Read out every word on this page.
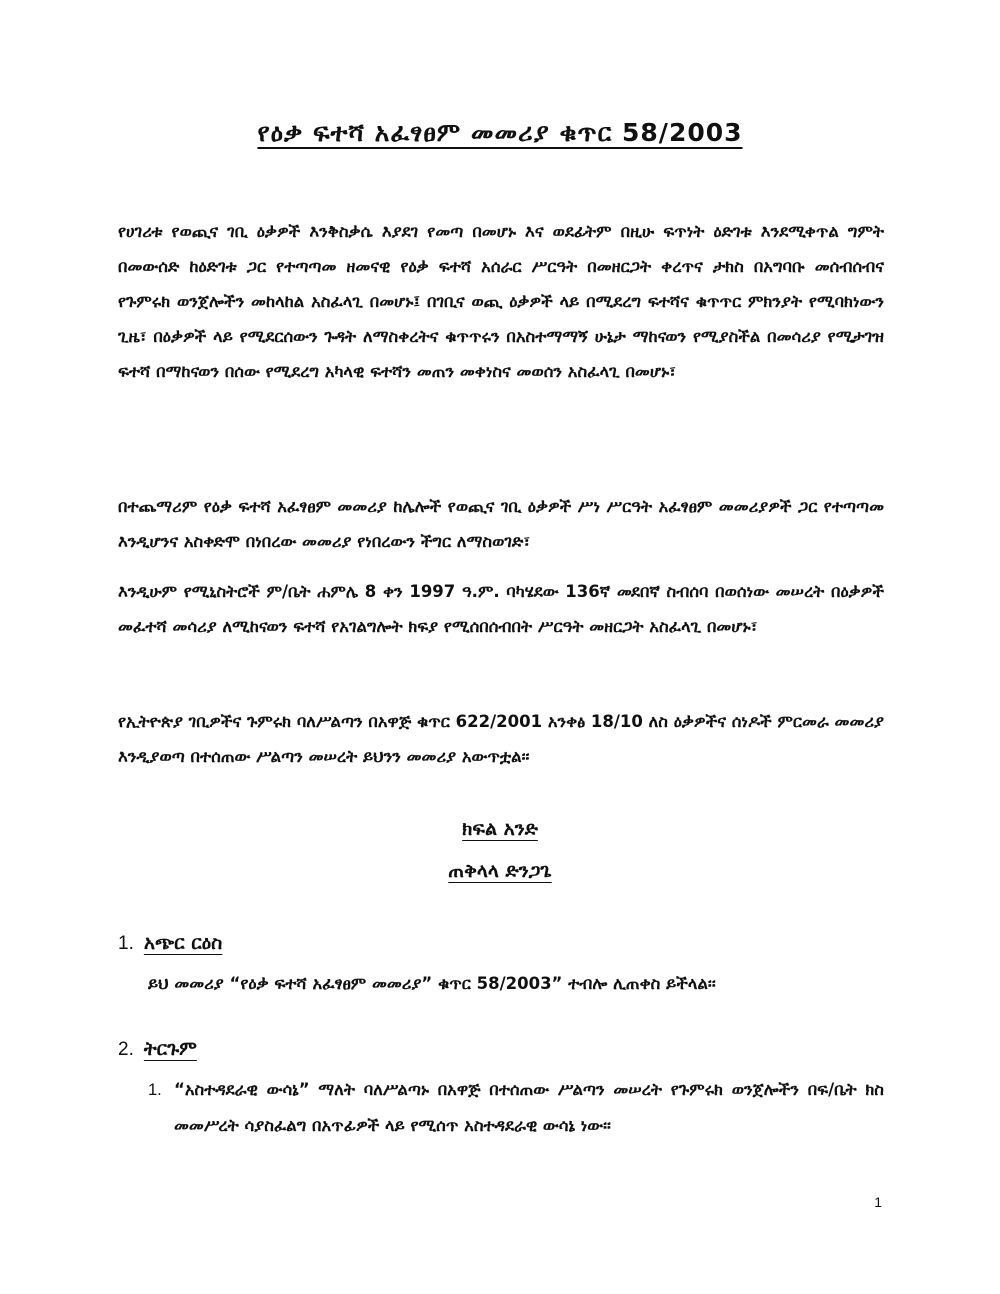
የዕቃ ፍተሻ አፈፃፀም መመሪያ ቁጥር 58/2003
የሀገሪቱ የወጪና ገቢ ዕቃዎች እንቅስቃሴ እያደገ የመጣ በመሆኑ እና ወደፊትም በዚሁ ፍጥነት ዕድገቱ እንደሚቀጥል ግምት በመውሰድ ከዕድገቱ ጋር የተጣጣመ ዘመናዊ የዕቃ ፍተሻ አሰራር ሥርዓት በመዘርጋት ቀረጥና ታክስ በአግባቡ መሰብሰብና የጉምሩክ ወንጀሎችን መከላከል አስፈላጊ በመሆኑ፤ በገቢና ወጪ ዕቃዎች ላይ በሚደረግ ፍተሻና ቁጥጥር ምክንያት የሚባክነውን ጊዜ፣ በዕቃዎች ላይ የሚደርሰውን ጉዳት ለማስቀረትና ቁጥጥሩን በአስተማማኝ ሁኔታ ማከናወን የሚያስችል በመሳሪያ የሚታገዝ ፍተሻ በማከናወን በሰው የሚደረግ አካላዊ ፍተሻን መጠን መቀነስና መወሰን አስፈላጊ በመሆኑ፣
በተጨማሪም የዕቃ ፍተሻ አፈፃፀም መመሪያ ከሌሎች የወጪና ገቢ ዕቃዎች ሥነ ሥርዓት አፈፃፀም መመሪያዎች ጋር የተጣጣመ እንዲሆንና አስቀድሞ በነበረው መመሪያ የነበረውን ችግር ለማስወገድ፣
እንዲሁም የሚኒስትሮች ም/ቤት ሐምሌ 8 ቀን 1997 ዓ.ም. ባካሄደው 136ኛ መደበኛ ስብሰባ በወሰነው መሠረት በዕቃዎች መፈተሻ መሳሪያ ለሚከናወን ፍተሻ የአገልግሎት ክፍያ የሚሰበሰብበት ሥርዓት መዘርጋት አስፈላጊ በመሆኑ፣
የኢትዮጵያ ገቢዎችና ጉምሩክ ባለሥልጣን በአዋጅ ቁጥር 622/2001 አንቀፅ 18/10 ለስ ዕቃዎችና ሰነዶች ምርመራ መመሪያ እንዲያወጣ በተሰጠው ሥልጣን መሠረት ይህንን መመሪያ አውጥቷል፡፡
ክፍል አንድ
ጠቅላላ ድንጋጌ
1. አጭር ርዕስ
ይህ መመሪያ “የዕቃ ፍተሻ አፈፃፀም መመሪያ” ቁጥር 58/2003” ተብሎ ሊጠቀስ ይችላል፡፡
2. ትርጉም
1. “አስተዳደራዊ ውሳኔ” ማለት ባለሥልጣኑ በአዋጅ በተሰጠው ሥልጣን መሠረት የጉምሩክ ወንጀሎችን በፍ/ቤት ክስ መመሥረት ሳያስፈልግ በአጥፊዎች ላይ የሚሰጥ አስተዳደራዊ ውሳኔ ነው፡፡
1
